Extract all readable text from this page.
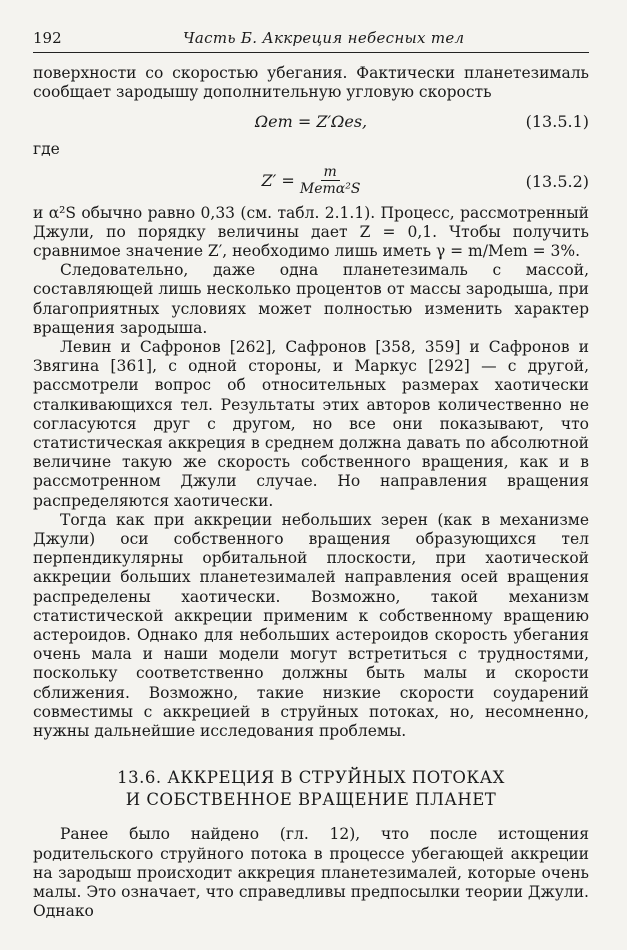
192	Часть Б. Аккреция небесных тел

поверхности со скоростью убегания. Фактически планетезималь сообщает зародышу дополнительную угловую скорость

Ωem = Z′Ωes,	(13.5.1)

где

$Z' = \frac{m}{\text{Memα²Ѕ}}$	(13.5.2)

и α²Ѕ обычно равно 0,33 (см. табл. 2.1.1). Процесс, рассмотренный Джули, по порядку величины дает Z = 0,1. Чтобы получить сравнимое значение Z′, необходимо лишь иметь γ = m/Mem = 3%.

Следовательно, даже одна планетезималь с массой, составляющей лишь несколько процентов от массы зародыша, при благоприятных условиях может полностью изменить характер вращения зародыша.

Левин и Сафронов [262], Сафронов [358, 359] и Сафронов и Звягина [361], с одной стороны, и Маркус [292] — с другой, рассмотрели вопрос об относительных размерах хаотически сталкивающихся тел. Результаты этих авторов количественно не согласуются друг с другом, но все они показывают, что статистическая аккреция в среднем должна давать по абсолютной величине такую же скорость собственного вращения, как и в рассмотренном Джули случае. Но направления вращения распределяются хаотически.

Тогда как при аккреции небольших зерен (как в механизме Джули) оси собственного вращения образующихся тел перпендикулярны орбитальной плоскости, при хаотической аккреции больших планетезималей направления осей вращения распределены хаотически. Возможно, такой механизм статистической аккреции применим к собственному вращению астероидов. Однако для небольших астероидов скорость убегания очень мала и наши модели могут встретиться с трудностями, поскольку соответственно должны быть малы и скорости сближения. Возможно, такие низкие скорости соударений совместимы с аккрецией в струйных потоках, но, несомненно, нужны дальнейшие исследования проблемы.

13.6. АККРЕЦИЯ В СТРУЙНЫХ ПОТОКАХ
И СОБСТВЕННОЕ ВРАЩЕНИЕ ПЛАНЕТ

Ранее было найдено (гл. 12), что после истощения родительского струйного потока в процессе убегающей аккреции на зародыш происходит аккреция планетезималей, которые очень малы. Это означает, что справедливы предпосылки теории Джули. Однако
